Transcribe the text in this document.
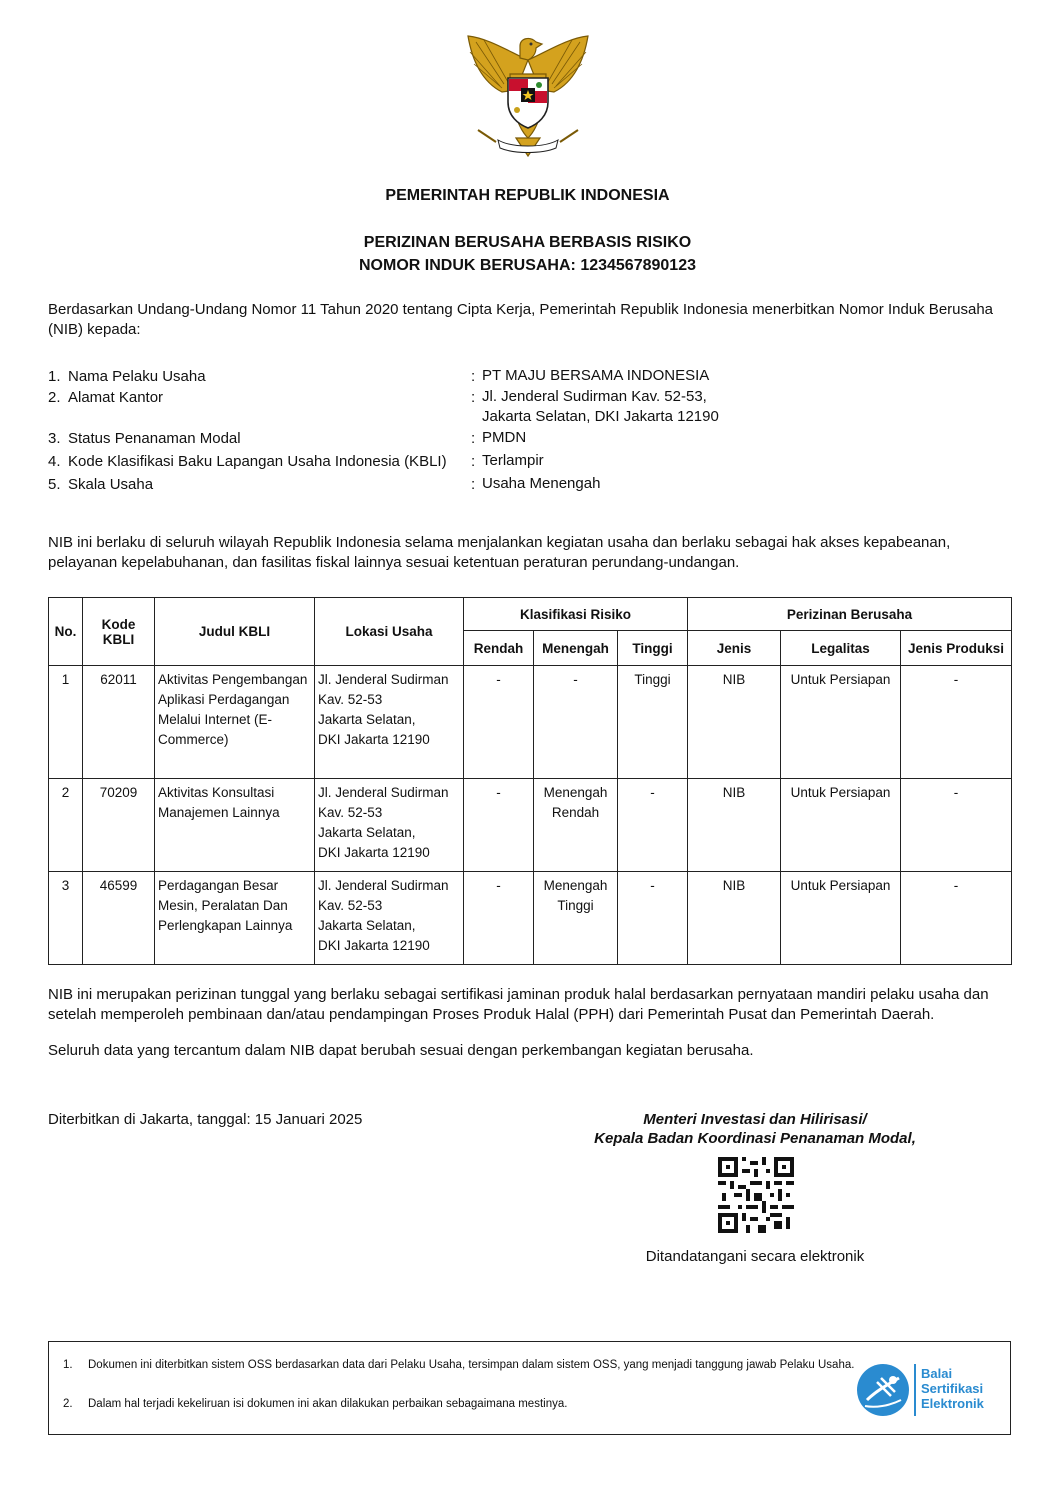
PEMERINTAH REPUBLIK INDONESIA
PERIZINAN BERUSAHA BERBASIS RISIKO
NOMOR INDUK BERUSAHA: 1234567890123
Berdasarkan Undang-Undang Nomor 11 Tahun 2020 tentang Cipta Kerja, Pemerintah Republik Indonesia menerbitkan Nomor Induk Berusaha (NIB) kepada:
1. Nama Pelaku Usaha	: PT MAJU BERSAMA INDONESIA
2. Alamat Kantor	: Jl. Jenderal Sudirman Kav. 52-53,
Jakarta Selatan, DKI Jakarta 12190
3. Status Penanaman Modal	: PMDN
4. Kode Klasifikasi Baku Lapangan Usaha Indonesia (KBLI) : Terlampir
5. Skala Usaha	: Usaha Menengah
NIB ini berlaku di seluruh wilayah Republik Indonesia selama menjalankan kegiatan usaha dan berlaku sebagai hak akses kepabeanan, pelayanan kepelabuhanan, dan fasilitas fiskal lainnya sesuai ketentuan peraturan perundang-undangan.
No.	Kode KBLI	Judul KBLI	Lokasi Usaha	Klasifikasi Risiko			Perizinan Berusaha		
				Rendah	Menengah	Tinggi	Jenis	Legalitas	Jenis Produksi
1	62011	Aktivitas Pengembangan Aplikasi Perdagangan Melalui Internet (E-Commerce)	Jl. Jenderal Sudirman
Kav. 52-53
Jakarta Selatan,
DKI Jakarta 12190	-	-	Tinggi	NIB	Untuk Persiapan	-
2	70209	Aktivitas Konsultasi Manajemen Lainnya	Jl. Jenderal Sudirman
Kav. 52-53
Jakarta Selatan,
DKI Jakarta 12190	-	Menengah Rendah	-	NIB	Untuk Persiapan	-
3	46599	Perdagangan Besar Mesin, Peralatan Dan Perlengkapan Lainnya	Jl. Jenderal Sudirman
Kav. 52-53
Jakarta Selatan,
DKI Jakarta 12190	-	Menengah Tinggi	-	NIB	Untuk Persiapan	-
NIB ini merupakan perizinan tunggal yang berlaku sebagai sertifikasi jaminan produk halal berdasarkan pernyataan mandiri pelaku usaha dan setelah memperoleh pembinaan dan/atau pendampingan Proses Produk Halal (PPH) dari Pemerintah Pusat dan Pemerintah Daerah.
Seluruh data yang tercantum dalam NIB dapat berubah sesuai dengan perkembangan kegiatan berusaha.
Diterbitkan di Jakarta, tanggal: 15 Januari 2025	Menteri Investasi dan Hilirisasi/
Kepala Badan Koordinasi Penanaman Modal,
Ditandatangani secara elektronik
1. Dokumen ini diterbitkan sistem OSS berdasarkan data dari Pelaku Usaha, tersimpan dalam sistem OSS, yang menjadi tanggung jawab Pelaku Usaha.
2. Dalam hal terjadi kekeliruan isi dokumen ini akan dilakukan perbaikan sebagaimana mestinya.
Balai
Sertifikasi
Elektronik
